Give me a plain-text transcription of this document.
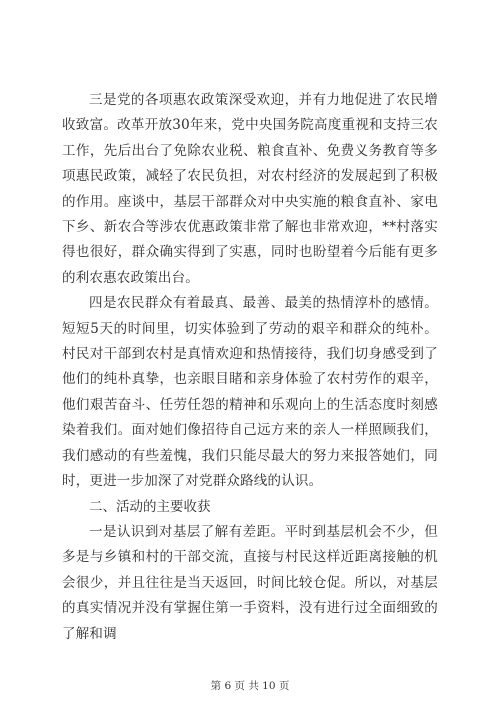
三是党的各项惠农政策深受欢迎，并有力地促进了农民增收致富。改革开放30年来，党中央国务院高度重视和支持三农工作，先后出台了免除农业税、粮食直补、免费义务教育等多项惠民政策，减轻了农民负担，对农村经济的发展起到了积极的作用。座谈中，基层干部群众对中央实施的粮食直补、家电下乡、新农合等涉农优惠政策非常了解也非常欢迎，**村落实得也很好，群众确实得到了实惠，同时也盼望着今后能有更多的利农惠农政策出台。

四是农民群众有着最真、最善、最美的热情淳朴的感情。短短5天的时间里，切实体验到了劳动的艰辛和群众的纯朴。村民对干部到农村是真情欢迎和热情接待，我们切身感受到了他们的纯朴真挚，也亲眼目睹和亲身体验了农村劳作的艰辛，他们艰苦奋斗、任劳任怨的精神和乐观向上的生活态度时刻感染着我们。面对她们像招待自己远方来的亲人一样照顾我们，我们感动的有些羞愧，我们只能尽最大的努力来报答她们，同时，更进一步加深了对党群众路线的认识。

二、活动的主要收获

一是认识到对基层了解有差距。平时到基层机会不少，但多是与乡镇和村的干部交流，直接与村民这样近距离接触的机会很少，并且往往是当天返回，时间比较仓促。所以，对基层的真实情况并没有掌握住第一手资料，没有进行过全面细致的了解和调

第 6 页 共 10 页
